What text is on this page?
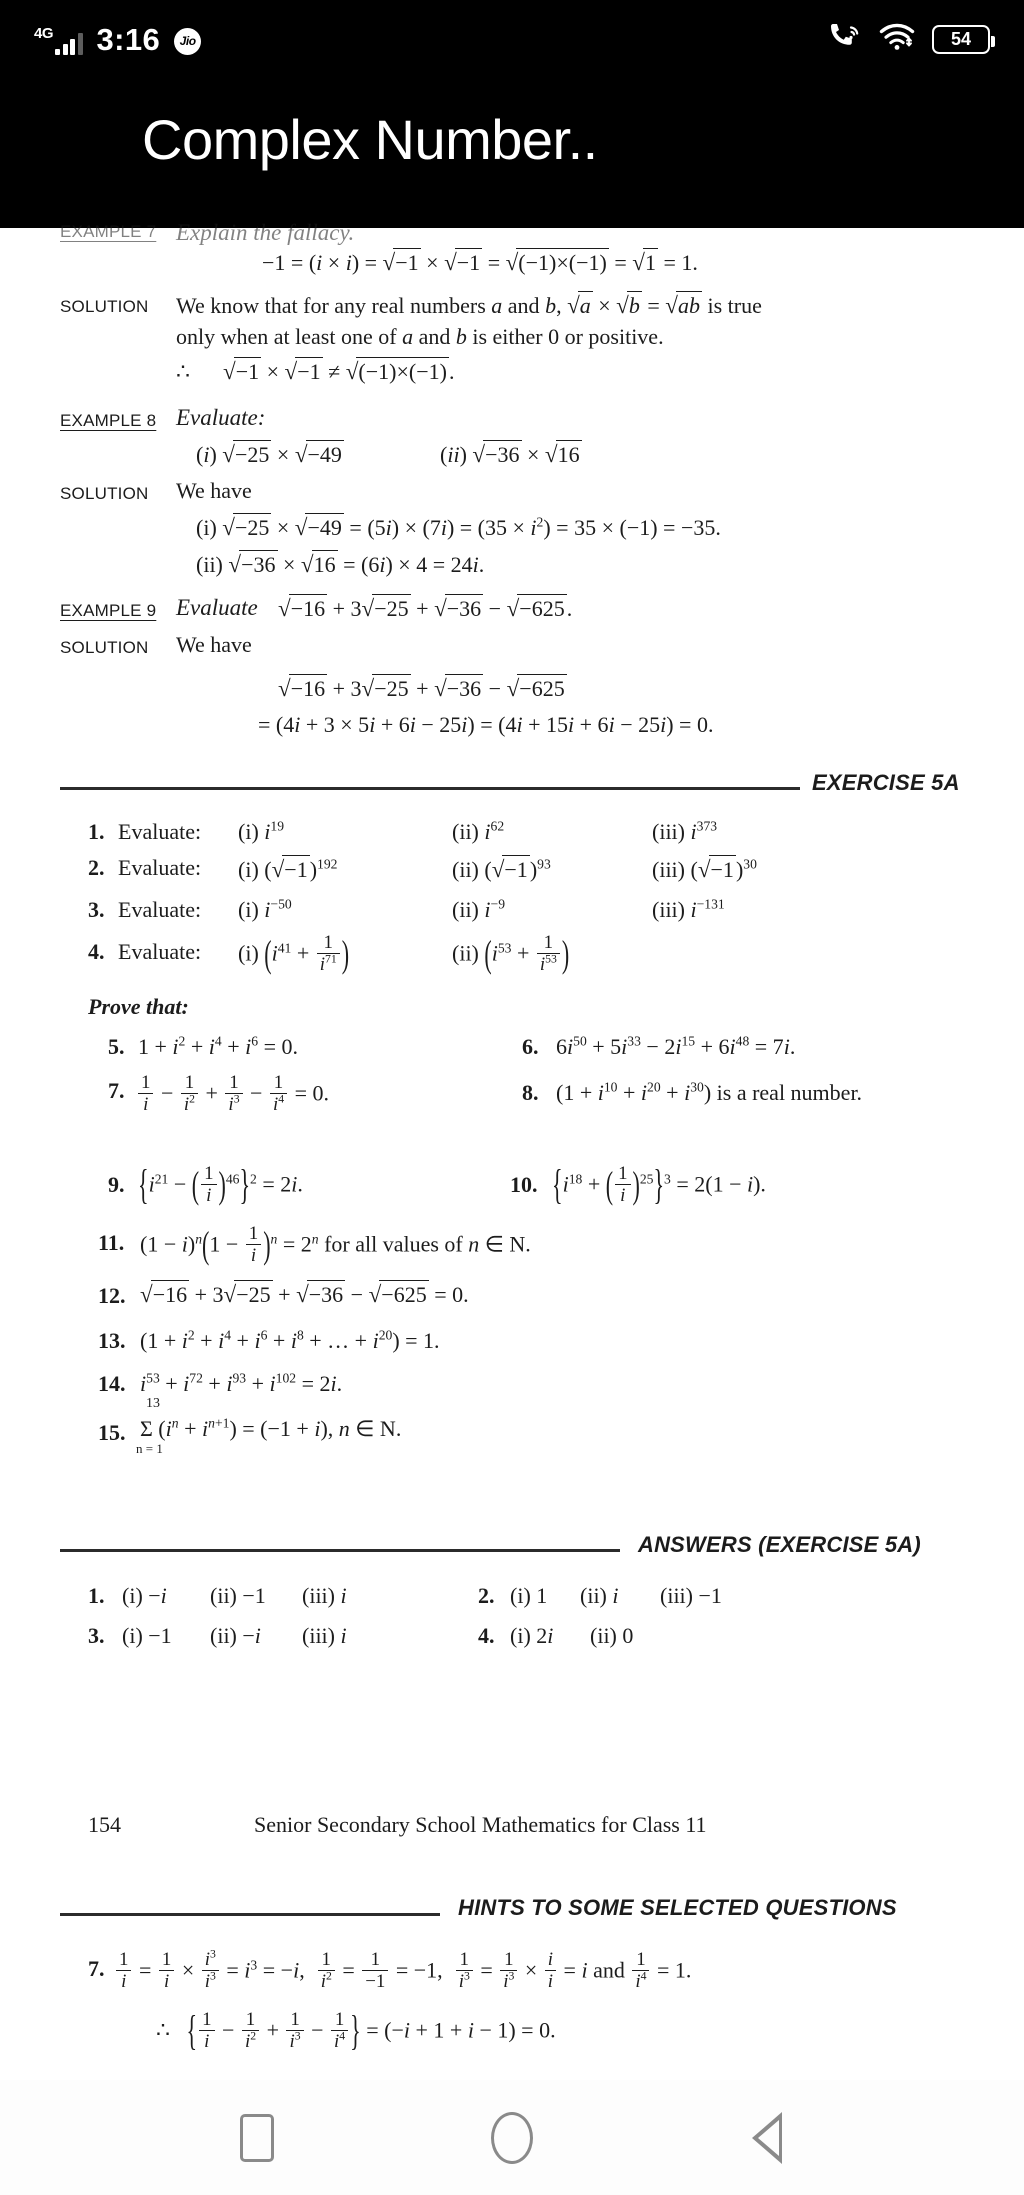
4G 3:16	Jio	54
Complex Number..
EXAMPLE 7 Explain the fallacy.
−1 = (i × i) = √−1 × √−1 = √(−1)×(−1) = √1 = 1.
SOLUTION We know that for any real numbers a and b, √a × √b = √ab is true
only when at least one of a and b is either 0 or positive.
∴      √−1 × √−1 ≠ √(−1)×(−1).
EXAMPLE 8 Evaluate:
(i) √−25 × √−49	(ii) √−36 × √16
SOLUTION We have
(i) $√-25 \times √-49 = (5i) \times (7i) = (35 \times i^2) = 35 \times (-1) = -35$.
(ii) √−36 × √16 = (6i) × 4 = 24i.
EXAMPLE 9 Evaluate √−16 + 3√−25 + √−36 − √−625.
SOLUTION We have
√−16 + 3√−25 + √−36 − √−625
= (4i + 3 × 5i + 6i − 25i) = (4i + 15i + 6i − 25i) = 0.
EXERCISE 5A
1. Evaluate: (i) $i^{19}$	(ii) $i^{62}$	(iii) $i^{373}$
2. Evaluate: (i) $(√-1)^{192}$	(ii) $(√-1)^{93}$	(iii) $(√-1)^{30}$
3. Evaluate: (i) $i^{-50}$	(ii) $i^{-9}$	(iii) $i^{-131}$
4. Evaluate: (i) ($i^{41} + \frac{1}{i^{71}}$ )	(ii) ($i^{53} + \frac{1}{i^{53}}$ )
Prove that:
5. $1 + i^2 + i^4 + i^6 = 0$.	6. $6i^{50} + 5i^{33} - 2i^{15} + 6i^{48} = 7i$.
7. $\frac{1}{i} - \frac{1}{i^2} + \frac{1}{i^3} - \frac{1}{i^4} = 0$.	8. $(1 + i^{10} + i^{20} + i^{30})$ is a real number.
9. {$i^{21}$ − ( $\frac{1}{i} )^{46}\}^2 = 2i$.	10. {$i^{18}$ + ( $\frac{1}{i} )^{25}\}^3 = 2(1 - i)$.
11. $(1 - i)^n(1 - \frac{1}{i} )^n = 2^n$ for all values of n ∈ N.
12. √−16 + 3√−25 + √−36 − √−625 = 0.
13. ($1 + i^2 + i^4 + i^6 + i^8$ + … + $i^{20}) = 1$.
14. $i^{53} + i^{72} + i^{93} + i^{102} = 2i$.
15.
13
n = 1
Σ $(i^n + i^{n+1}) = (-1 + i)$, n ∈ N.
ANSWERS (EXERCISE 5A)
1. (i) −i (ii) −1 (iii) i	2. (i) 1 (ii) i (iii) −1
3. (i) −1 (ii) −i (iii) i	4. (i) 2i (ii) 0
154	Senior Secondary School Mathematics for Class 11
HINTS TO SOME SELECTED QUESTIONS
7. $\frac{1}{i} = \frac{1}{i} \times \frac{i^3}{i^3} = i^3 = -i$, $\frac{1}{i^2} = \frac{1}{-1} = -1$, $\frac{1}{i^3} = \frac{1}{i^3} \times \frac{i}{i} = i$ and $\frac{1}{i^4} = 1$.
∴   { $\frac{1}{i} - \frac{1}{i^2} + \frac{1}{i^3} - \frac{1}{i^4}$ } = (−i + 1 + i − 1) = 0.
